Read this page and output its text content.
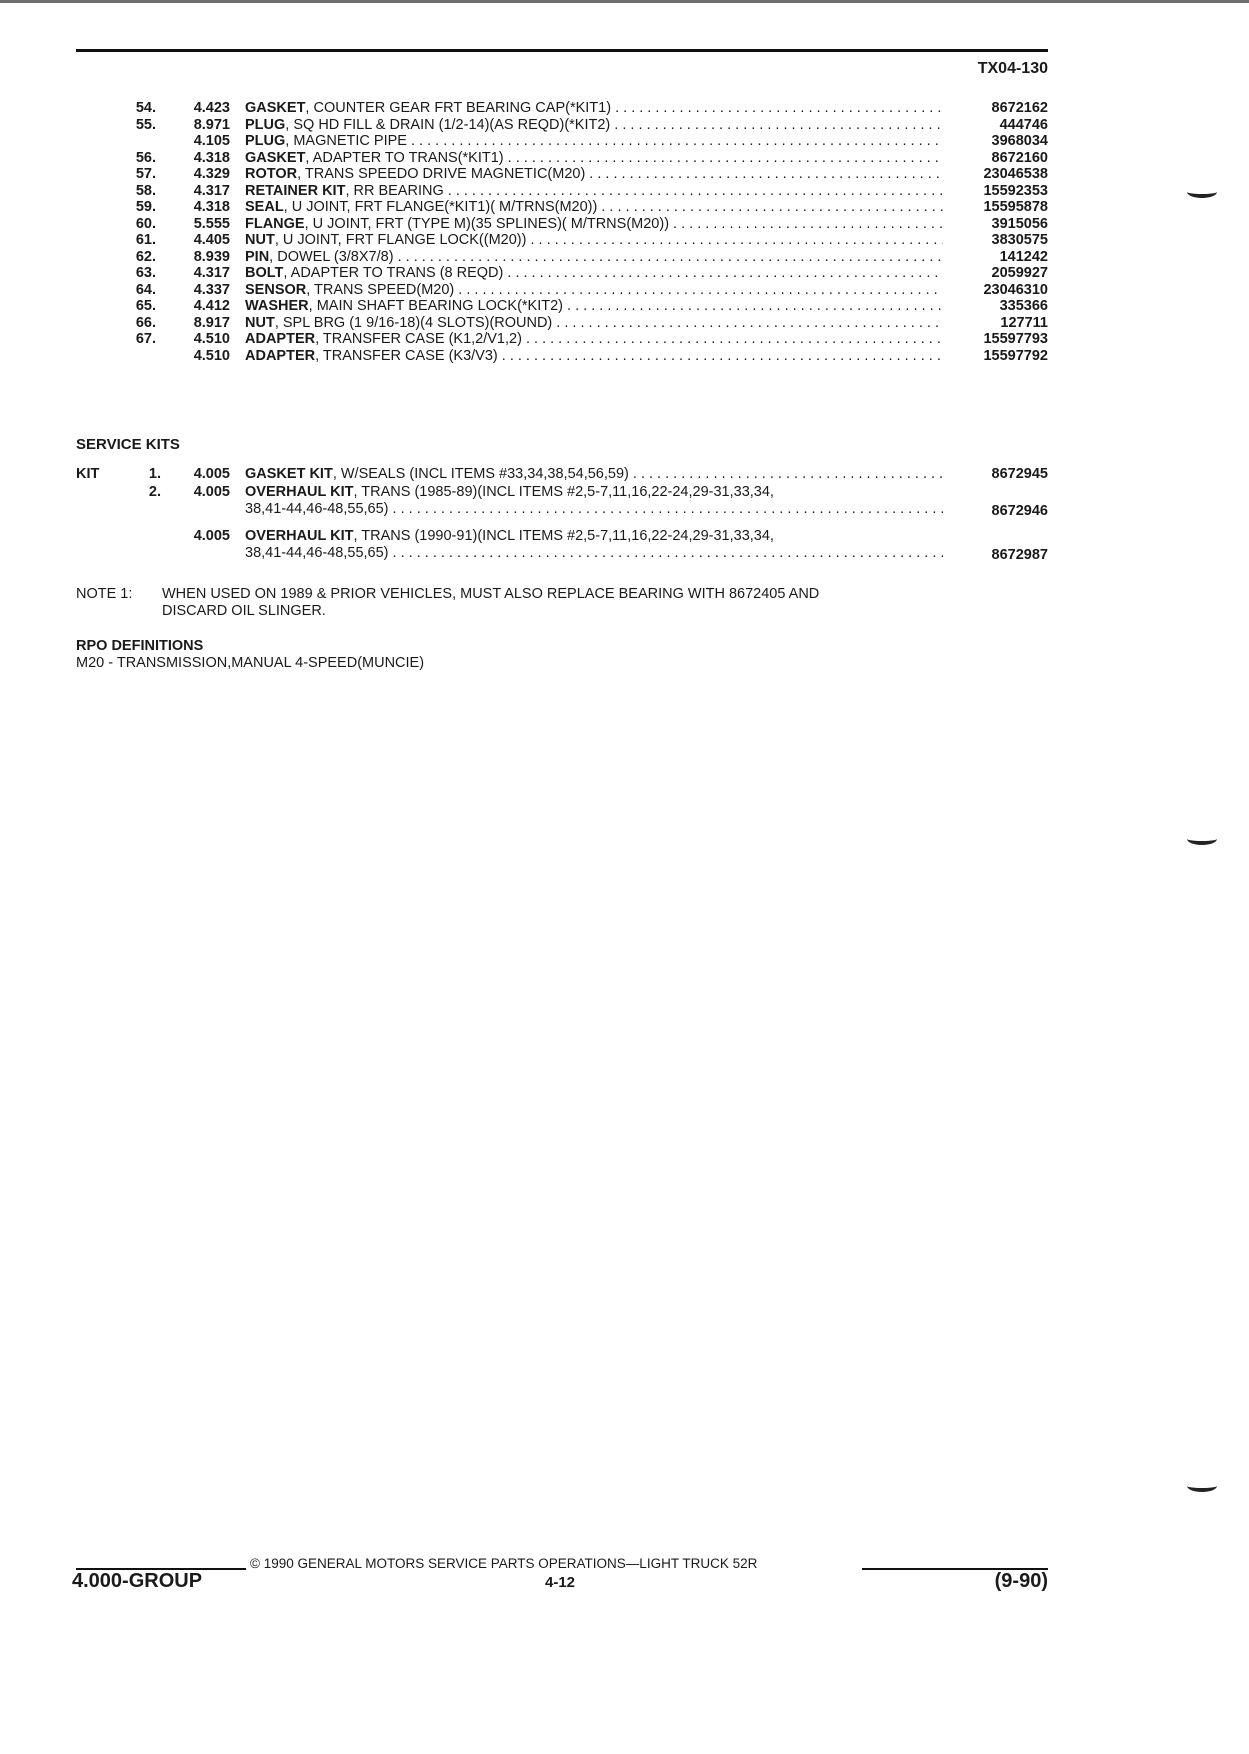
TX04-130
54.	4.423 GASKET, COUNTER GEAR FRT BEARING CAP(*KIT1) . . .	8672162
55.	8.971 PLUG, SQ HD FILL & DRAIN (1/2-14)(AS REQD)(*KIT2) . . .	444746
4.105 PLUG, MAGNETIC PIPE . . .	3968034
56.	4.318 GASKET, ADAPTER TO TRANS(*KIT1) . . .	8672160
57.	4.329 ROTOR, TRANS SPEEDO DRIVE MAGNETIC(M20) . . .	23046538
58.	4.317 RETAINER KIT, RR BEARING . . .	15592353
59.	4.318 SEAL, U JOINT, FRT FLANGE(*KIT1)( M/TRNS(M20)) . . .	15595878
60.	5.555 FLANGE, U JOINT, FRT (TYPE M)(35 SPLINES)( M/TRNS(M20)) . . .	3915056
61.	4.405 NUT, U JOINT, FRT FLANGE LOCK((M20)) . . .	3830575
62.	8.939 PIN, DOWEL (3/8X7/8) . . .	141242
63.	4.317 BOLT, ADAPTER TO TRANS (8 REQD) . . .	2059927
64.	4.337 SENSOR, TRANS SPEED(M20) . . .	23046310
65.	4.412 WASHER, MAIN SHAFT BEARING LOCK(*KIT2) . . .	335366
66.	8.917 NUT, SPL BRG (1 9/16-18)(4 SLOTS)(ROUND) . . .	127711
67.	4.510 ADAPTER, TRANSFER CASE (K1,2/V1,2) . . .	15597793
4.510 ADAPTER, TRANSFER CASE (K3/V3) . . .	15597792
SERVICE KITS
KIT	1.	4.005 GASKET KIT, W/SEALS (INCL ITEMS #33,34,38,54,56,59) . . .	8672945
2.	4.005 OVERHAUL KIT, TRANS (1985-89)(INCL ITEMS #2,5-7,11,16,22-24,29-31,33,34,
38,41-44,46-48,55,65) . . .	8672946
4.005 OVERHAUL KIT, TRANS (1990-91)(INCL ITEMS #2,5-7,11,16,22-24,29-31,33,34,
38,41-44,46-48,55,65) . . .	8672987
NOTE 1: WHEN USED ON 1989 & PRIOR VEHICLES, MUST ALSO REPLACE BEARING WITH 8672405 AND
DISCARD OIL SLINGER.
RPO DEFINITIONS
M20 - TRANSMISSION,MANUAL 4-SPEED(MUNCIE)
© 1990 GENERAL MOTORS SERVICE PARTS OPERATIONS—LIGHT TRUCK 52R
4.000-GROUP	4-12	(9-90)
